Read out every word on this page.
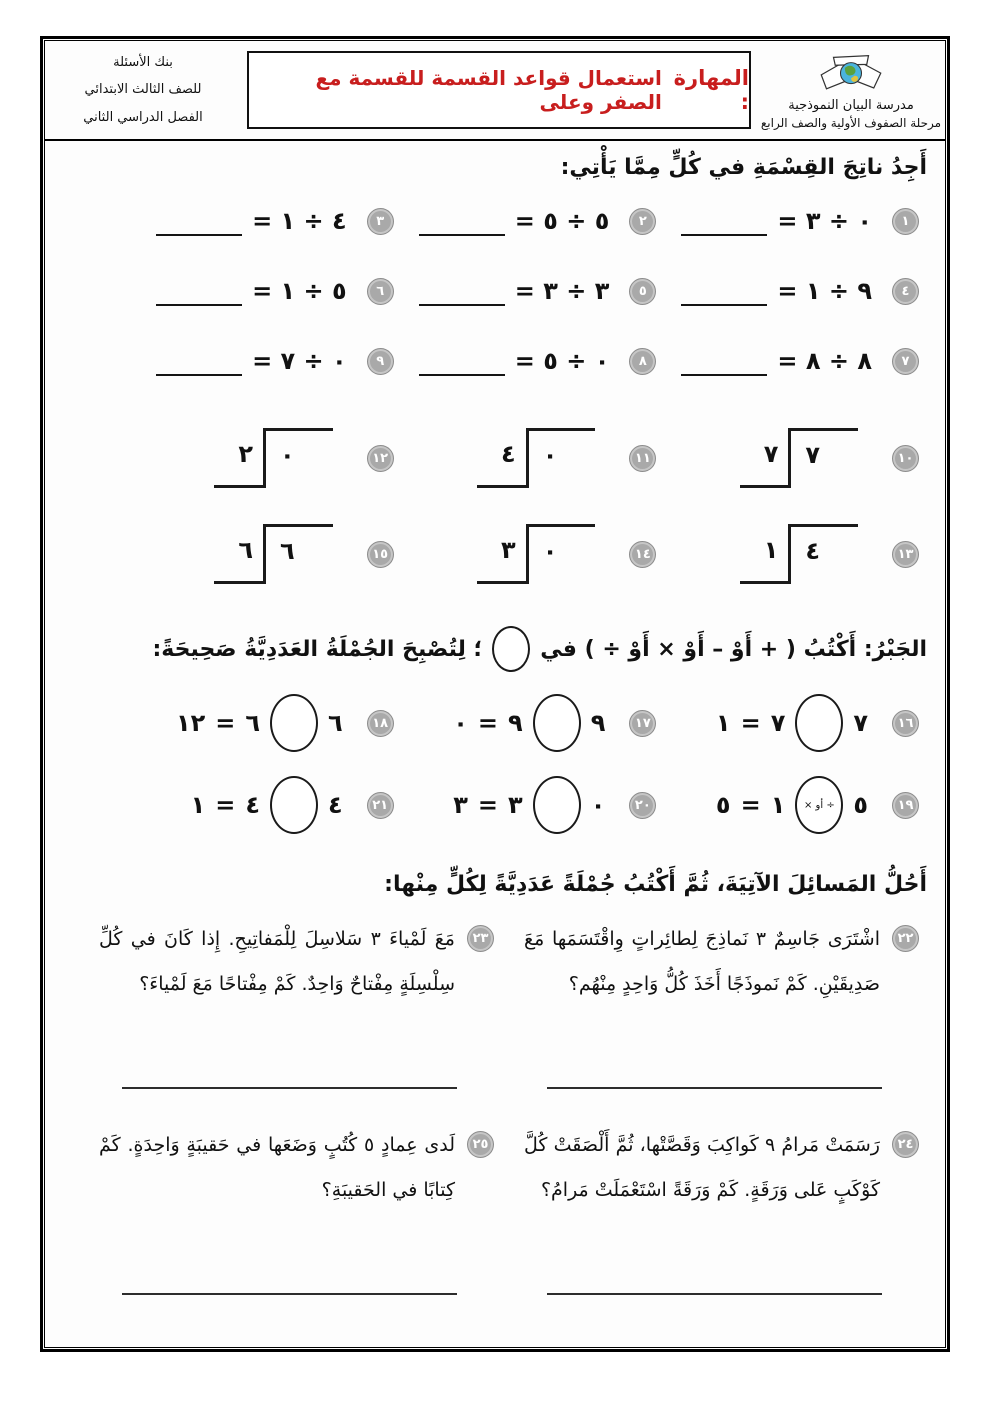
مدرسة البيان النموذجية
مرحلة الصفوف الأولية والصف الرابع
المهارة :
استعمال قواعد القسمة للقسمة مع الصفر وعلى
بنك الأسئلة
للصف الثالث الابتدائي
الفصل الدراسي الثاني
أَجِدُ ناتِجَ القِسْمَةِ في كُلٍّ مِمَّا يَأْتِي:
١
٠ ÷ ٣ =
٢
٥ ÷ ٥ =
٣
٤ ÷ ١ =
٤
٩ ÷ ١ =
٥
٣ ÷ ٣ =
٦
٥ ÷ ١ =
٧
٨ ÷ ٨ =
٨
٠ ÷ ٥ =
٩
٠ ÷ ٧ =
١٠
٧	٧
١١
٤	٠
١٢
٢	٠
١٣
١	٤
١٤
٣	٠
١٥
٦	٦
الجَبْرُ: أَكْتُبُ ( + أَوْ – أَوْ × أَوْ ÷ ) في
؛ لِتُصْبِحَ الجُمْلَةُ العَدَدِيَّةُ صَحِيحَةً:
١٦
٧
٧
=
١
١٧
٩
٩
=
٠
١٨
٦
٦
=
١٢
١٩
٥
× أو ÷
١
=
٥
٢٠
٠
٣
=
٣
٢١
٤
٤
=
١
أَحُلُّ المَسائِلَ الآتِيَةَ، ثُمَّ أَكْتُبُ جُمْلَةً عَدَدِيَّةً لِكُلٍّ مِنْها:
٢٢

اشْتَرَى جَاسِمٌ ٣ نَماذِجَ لِطائِراتٍ وِاقْتَسَمَها مَعَ صَدِيقَيْنِ. كَمْ نَموذَجًا أَخَذَ كُلُّ وَاحِدٍ مِنْهُم؟

٢٣

مَعَ لَمْياءَ ٣ سَلاسِلَ لِلْمَفاتِيحِ. إِذا كَانَ في كُلِّ سِلْسِلَةٍ مِفْتاحٌ وَاحِدٌ. كَمْ مِفْتاحًا مَعَ لَمْياءَ؟

٢٤

رَسَمَتْ مَرامُ ٩ كَواكِبَ وَقَصَّتْها، ثُمَّ أَلْصَقَتْ كُلَّ كَوْكَبٍ عَلى وَرَقَةٍ. كَمْ وَرَقَةً اسْتَعْمَلَتْ مَرامُ؟

٢٥

لَدى عِمادٍ ٥ كُتُبٍ وَضَعَها في حَقيبَةٍ وَاحِدَةٍ. كَمْ كِتابًا في الحَقيبَةِ؟
